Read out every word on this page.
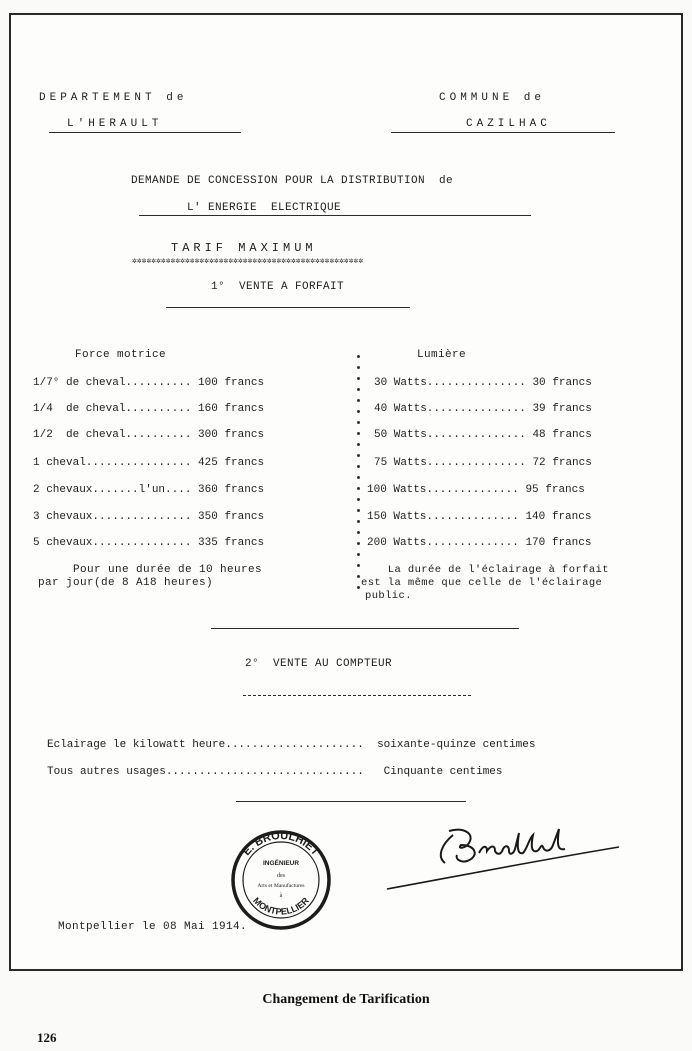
DEPARTEMENT de
L'HERAULT
COMMUNE de
CAZILHAC
DEMANDE DE CONCESSION POUR LA DISTRIBUTION  de
L' ENERGIE  ELECTRIQUE
TARIF MAXIMUM
✲✲✲✲✲✲✲✲✲✲✲✲✲✲✲✲✲✲✲✲✲✲✲✲✲✲✲✲✲✲✲✲✲✲✲✲✲✲✲✲✲✲✲✲✲✲✲✲
1°  VENTE A FORFAIT
Force motrice	Lumière
1/7° de cheval.......... 100 francs
1/4  de cheval.......... 160 francs
1/2  de cheval.......... 300 francs
1 cheval................ 425 francs
2 chevaux.......l'un.... 360 francs
3 chevaux............... 350 francs
5 chevaux............... 335 francs
30 Watts............... 30 francs
40 Watts............... 39 francs
50 Watts............... 48 francs
75 Watts............... 72 francs
100 Watts.............. 95 francs
150 Watts.............. 140 francs
200 Watts.............. 170 francs
Pour une durée de 10 heures
par jour(de 8 A18 heures)
La durée de l'éclairage à forfait
est la même que celle de l'éclairage
public.
2°  VENTE AU COMPTEUR
Eclairage le kilowatt heure..................... soixante-quinze centimes
Tous autres usages.............................. Cinquante centimes
E. BROULHIET
INGÉNIEUR
des
Arts et Manufactures
à
MONTPELLIER
Montpellier le 08 Mai 1914.
Changement de Tarification
126
